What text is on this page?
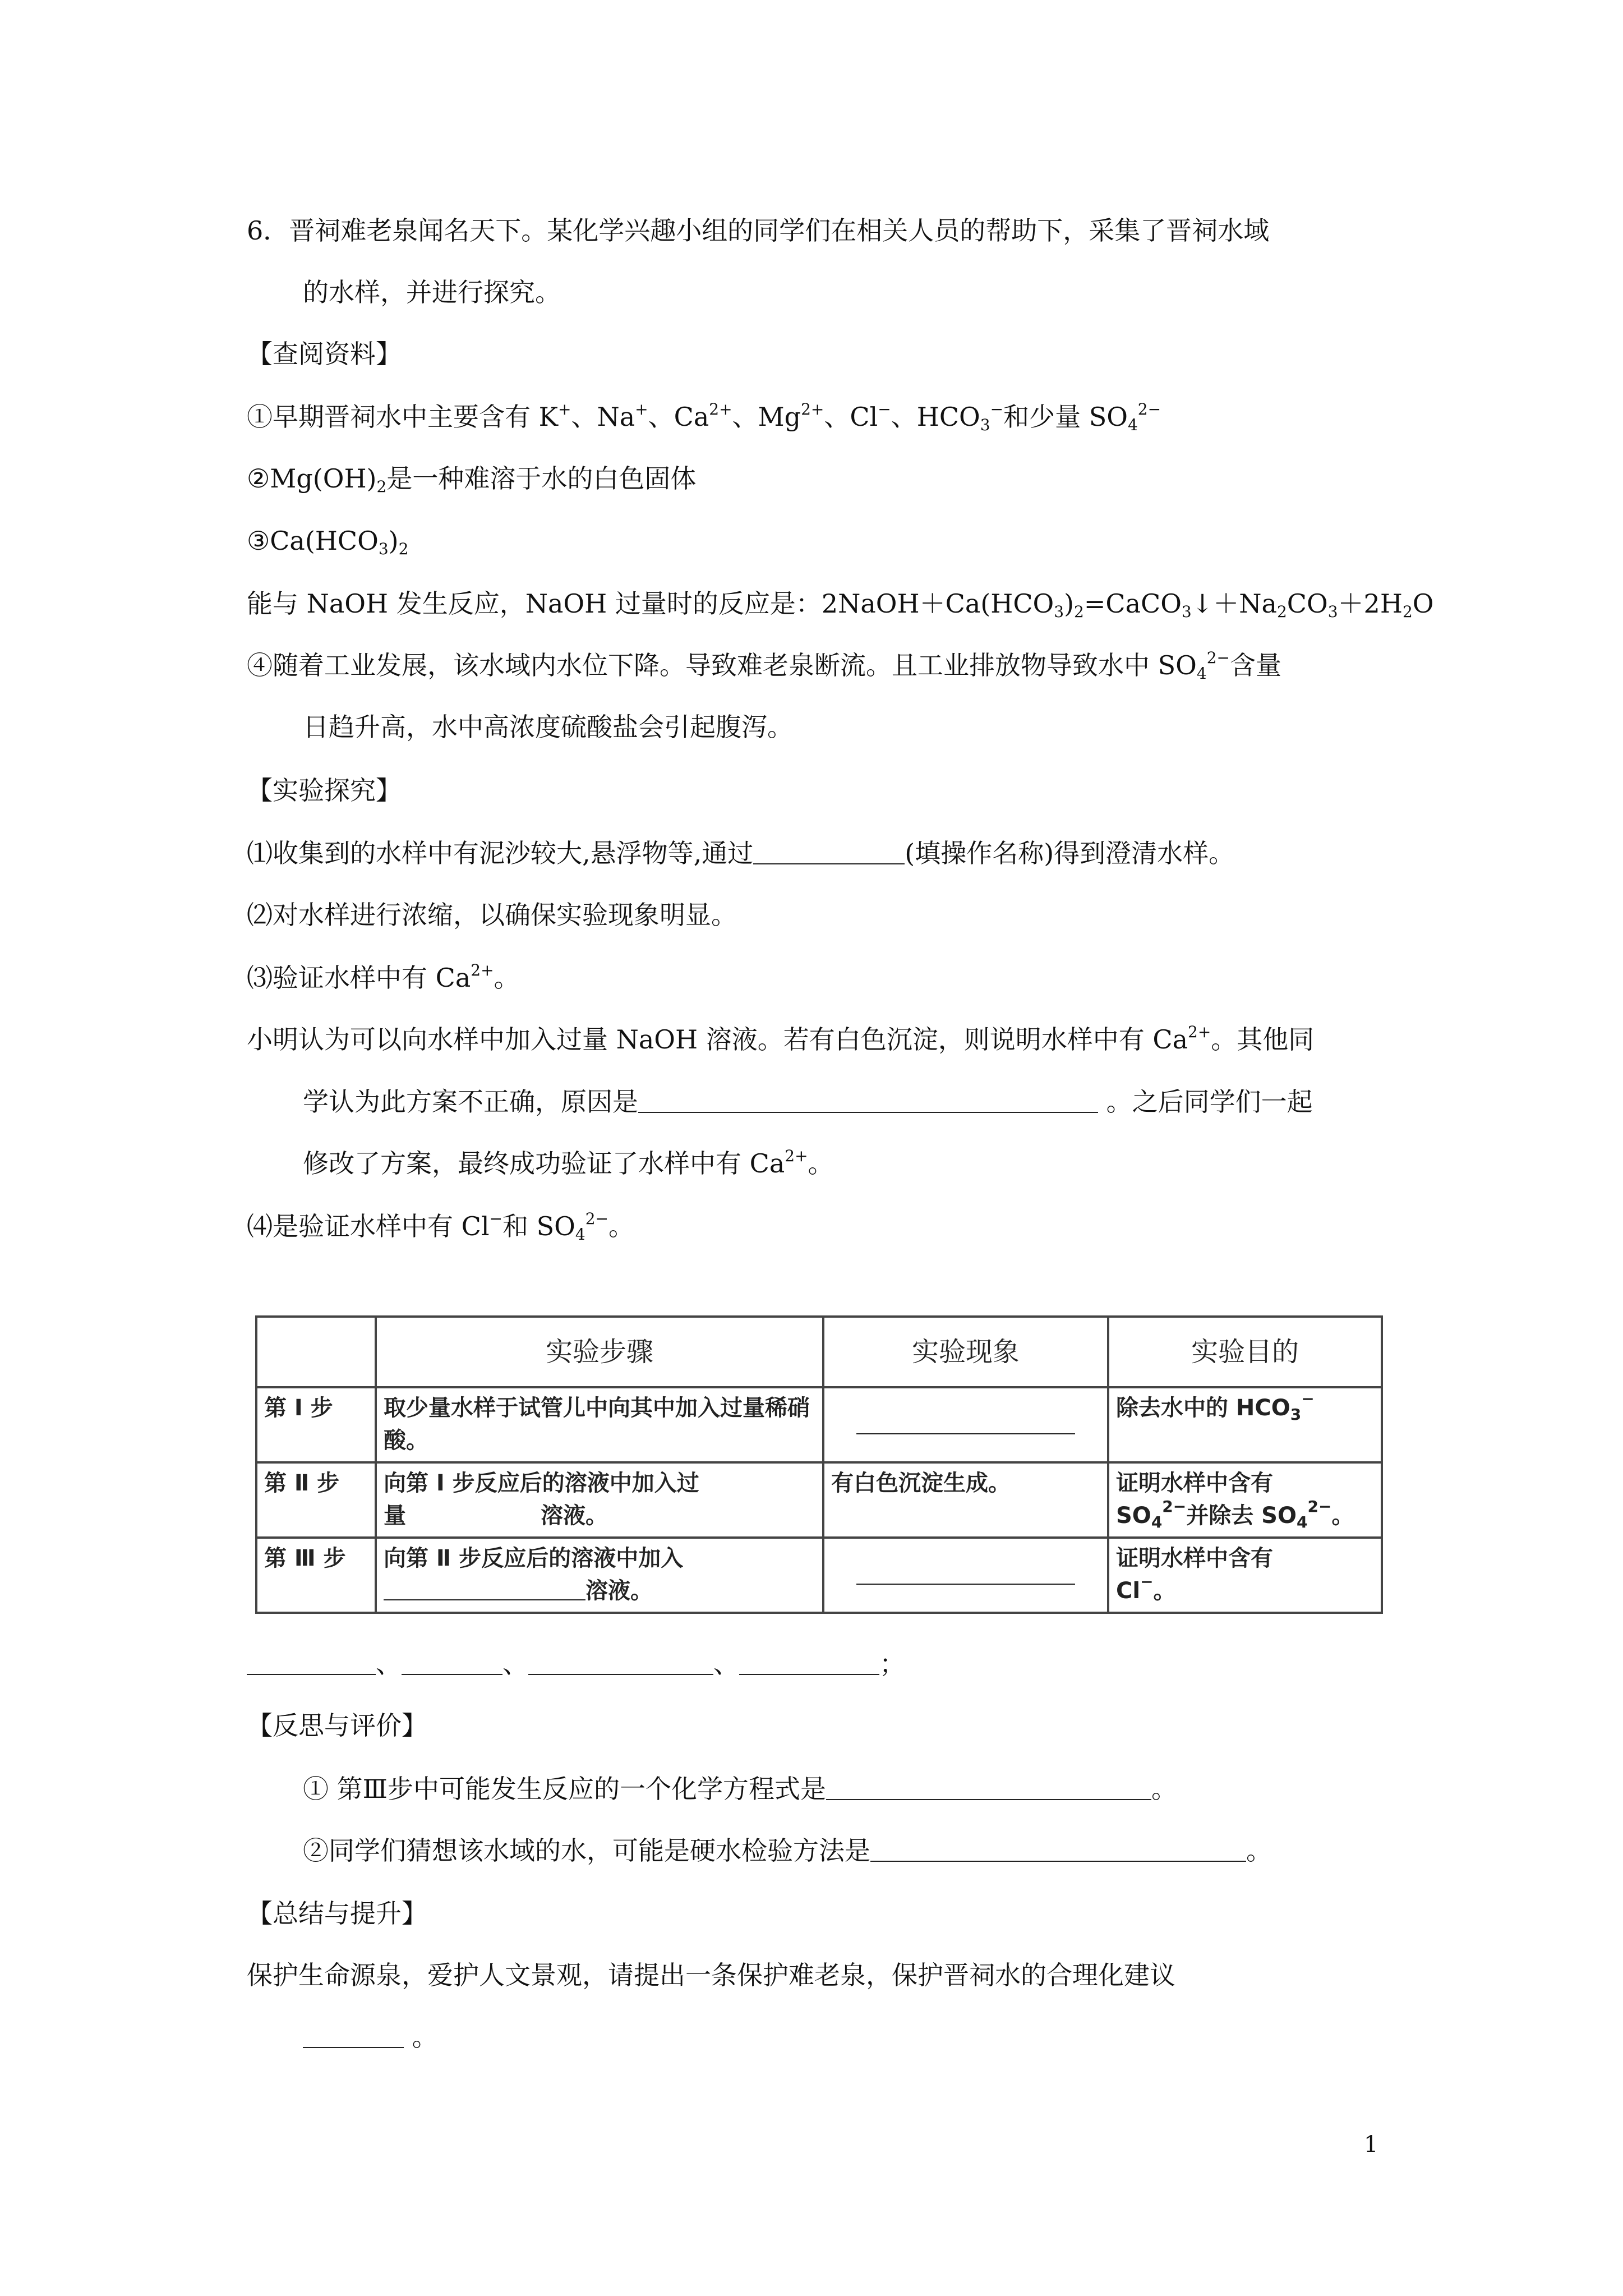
6．晋祠难老泉闻名天下。某化学兴趣小组的同学们在相关人员的帮助下，采集了晋祠水域
的水样，并进行探究。
【查阅资料】
①早期晋祠水中主要含有 K+、Na+、$Ca^{2+}$、$Mg^{2+}$、Cl−、$HCO_3^-$和少量 $SO_4^{2-}$
$②Mg(OH)_2$是一种难溶于水的白色固体
$③Ca(HCO_3)_2$
能与 NaOH 发生反应，NaOH 过量时的反应是：$2NaOH+Ca(HCO_3)_2=CaCO_3↓+Na_2CO_3+2H_2O$
④随着工业发展，该水域内水位下降。导致难老泉断流。且工业排放物导致水中 $SO_4^{2-}$含量
日趋升高，水中高浓度硫酸盐会引起腹泻。
【实验探究】
⑴收集到的水样中有泥沙较大,悬浮物等,通过	(填操作名称)得到澄清水样。
⑵对水样进行浓缩，以确保实验现象明显。
⑶验证水样中有 $Ca^{2+}$。
小明认为可以向水样中加入过量 NaOH 溶液。若有白色沉淀，则说明水样中有 $Ca^{2+}$。其他同
学认为此方案不正确，原因是	。之后同学们一起
修改了方案，最终成功验证了水样中有 $Ca^{2+}$。
⑷是验证水样中有 Cl−和 $SO_4^{2-}$。
	实验步骤	实验现象	实验目的
第 Ⅰ 步	取少量水样于试管儿中向其中加入过量稀硝酸。		除去水中的 $HCO_3^-$
第 Ⅱ 步	向第 Ⅰ 步反应后的溶液中加入过
量 溶液。	有白色沉淀生成。	证明水样中含有
$SO_4^{2-}$并除去 $SO_4^{2-}$。
第 Ⅲ 步	向第 Ⅱ 步反应后的溶液中加入
溶液。		证明水样中含有
Cl−。
、	、	、	；
【反思与评价】
① 第Ⅲ步中可能发生反应的一个化学方程式是	。
②同学们猜想该水域的水，可能是硬水检验方法是	。
【总结与提升】
保护生命源泉，爱护人文景观，请提出一条保护难老泉，保护晋祠水的合理化建议
。
1
